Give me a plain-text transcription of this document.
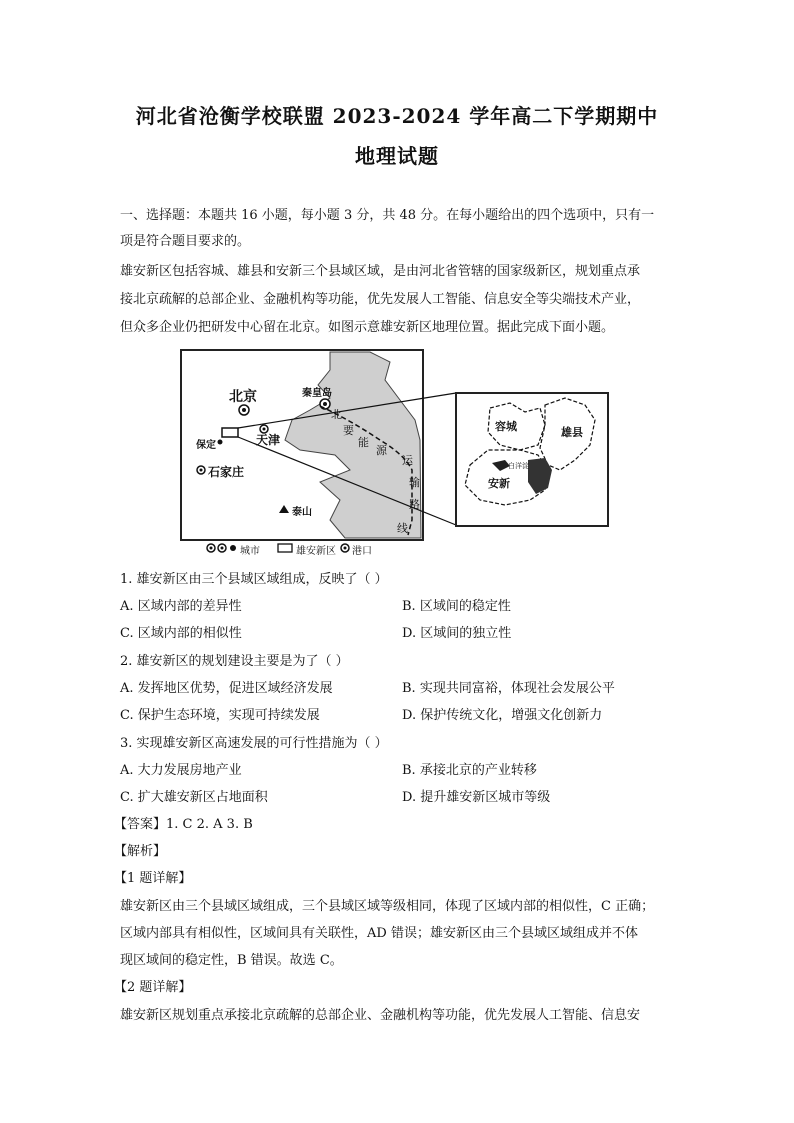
河北省沧衡学校联盟 2023-2024 学年高二下学期期中
地理试题
一、选择题：本题共 16 小题，每小题 3 分，共 48 分。在每小题给出的四个选项中，只有一
项是符合题目要求的。
雄安新区包括容城、雄县和安新三个县域区域，是由河北省管辖的国家级新区，规划重点承
接北京疏解的总部企业、金融机构等功能，优先发展人工智能、信息安全等尖端技术产业，
但众多企业仍把研发中心留在北京。如图示意雄安新区地理位置。据此完成下面小题。
北京	秦皇岛
天津
保定
石家庄
泰山
北
要
能
源
运
输
路
线
容城	雄县
安新
白洋淀
城市	雄安新区 港口
1. 雄安新区由三个县域区域组成，反映了（ ）
A. 区域内部的差异性	B. 区域间的稳定性
C. 区域内部的相似性	D. 区域间的独立性
2. 雄安新区的规划建设主要是为了（ ）
A. 发挥地区优势，促进区域经济发展	B. 实现共同富裕，体现社会发展公平
C. 保护生态环境，实现可持续发展	D. 保护传统文化，增强文化创新力
3. 实现雄安新区高速发展的可行性措施为（ ）
A. 大力发展房地产业	B. 承接北京的产业转移
C. 扩大雄安新区占地面积	D. 提升雄安新区城市等级
【答案】1. C 2. A 3. B
【解析】
【1 题详解】
雄安新区由三个县域区域组成，三个县域区域等级相同，体现了区域内部的相似性，C 正确；
区域内部具有相似性，区域间具有关联性，AD 错误；雄安新区由三个县域区域组成并不体
现区域间的稳定性，B 错误。故选 C。
【2 题详解】
雄安新区规划重点承接北京疏解的总部企业、金融机构等功能，优先发展人工智能、信息安
